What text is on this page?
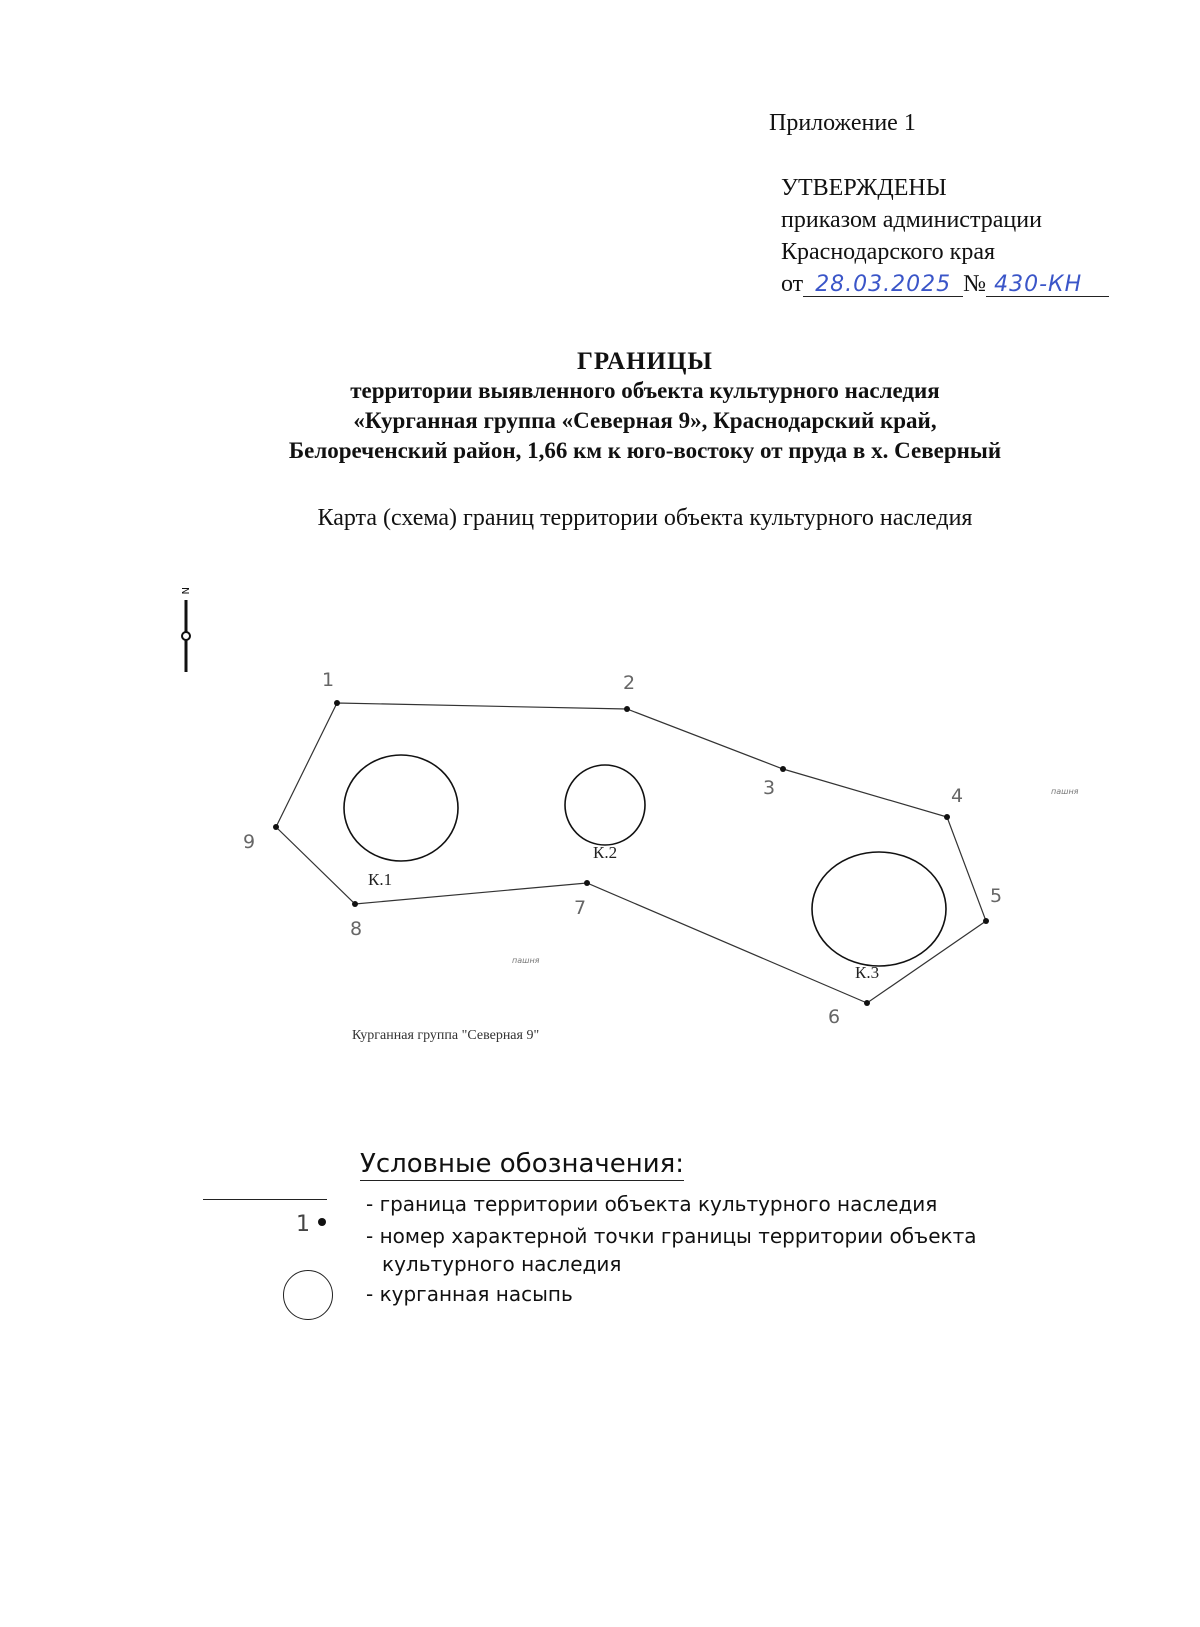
Приложение 1
УТВЕРЖДЕНЫ
приказом администрации
Краснодарского края
от 28.03.2025 № 430-КН
ГРАНИЦЫ
территории выявленного объекта культурного наследия
«Курганная группа «Северная 9», Краснодарский край,
Белореченский район, 1,66 км к юго-востоку от пруда в х. Северный
Карта (схема) границ территории объекта культурного наследия
N
1	2
3	4
5
6
7
8
9
К.1
К.2
К.3
пашня
пашня
Курганная группа "Северная 9"
Условные обозначения:
- граница территории объекта культурного наследия
1	- номер характерной точки границы территории объекта
культурного наследия
- курганная насыпь
